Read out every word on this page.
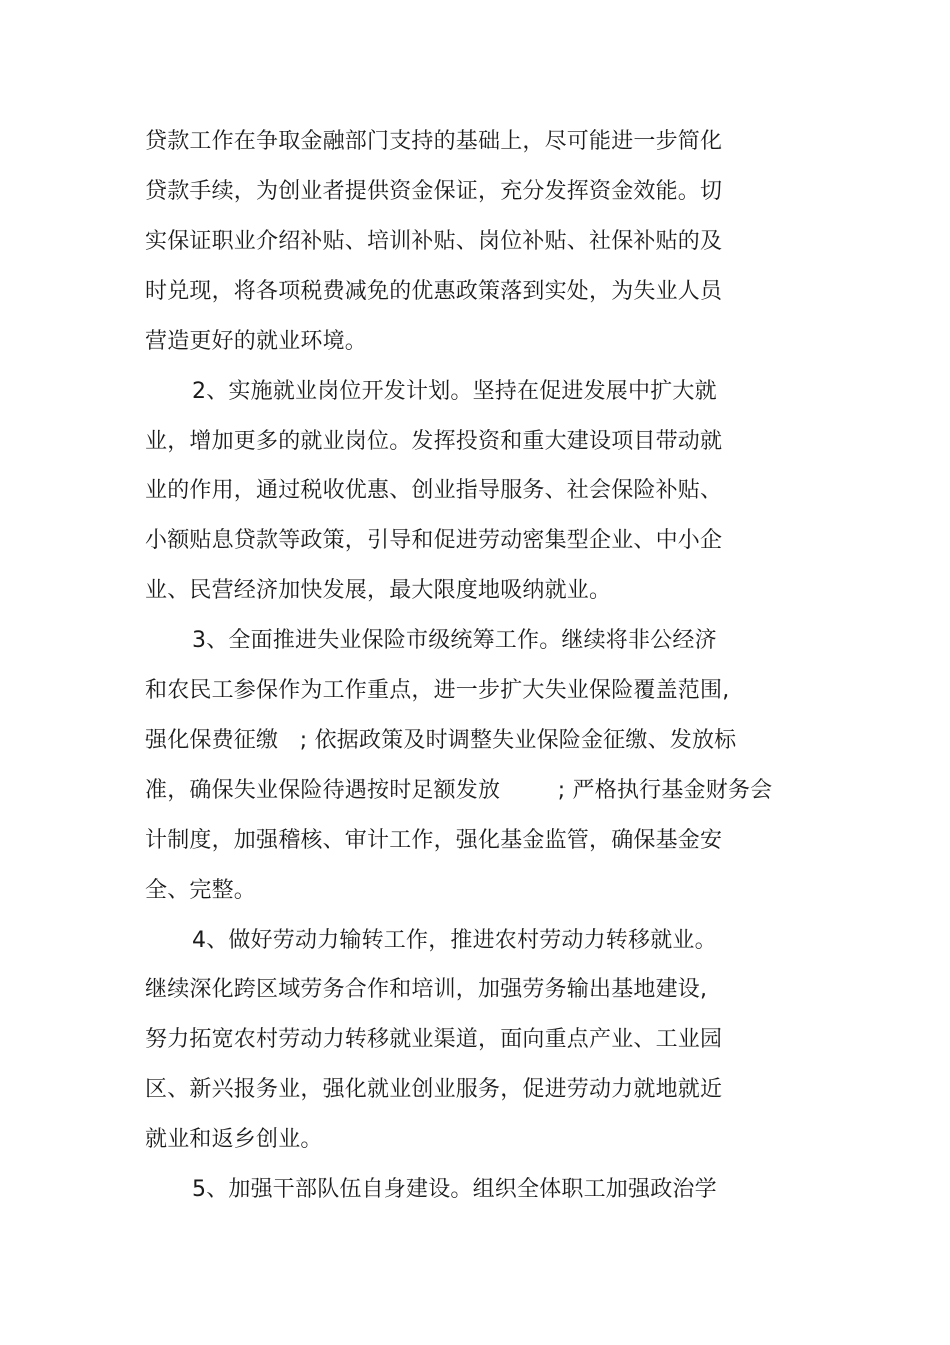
贷款工作在争取金融部门支持的基础上，尽可能进一步简化
贷款手续，为创业者提供资金保证，充分发挥资金效能。切
实保证职业介绍补贴、培训补贴、岗位补贴、社保补贴的及
时兑现，将各项税费减免的优惠政策落到实处，为失业人员
营造更好的就业环境。
2、实施就业岗位开发计划。坚持在促进发展中扩大就
业，增加更多的就业岗位。发挥投资和重大建设项目带动就
业的作用，通过税收优惠、创业指导服务、社会保险补贴、
小额贴息贷款等政策，引导和促进劳动密集型企业、中小企
业、民营经济加快发展，最大限度地吸纳就业。
3、全面推进失业保险市级统筹工作。继续将非公经济
和农民工参保作为工作重点，进一步扩大失业保险覆盖范围,
强化保费征缴   ; 依据政策及时调整失业保险金征缴、发放标
准，确保失业保险待遇按时足额发放        ; 严格执行基金财务会
计制度，加强稽核、审计工作，强化基金监管，确保基金安
全、完整。
4、做好劳动力输转工作，推进农村劳动力转移就业。
继续深化跨区域劳务合作和培训，加强劳务输出基地建设,
努力拓宽农村劳动力转移就业渠道，面向重点产业、工业园
区、新兴报务业，强化就业创业服务，促进劳动力就地就近
就业和返乡创业。
5、加强干部队伍自身建设。组织全体职工加强政治学
